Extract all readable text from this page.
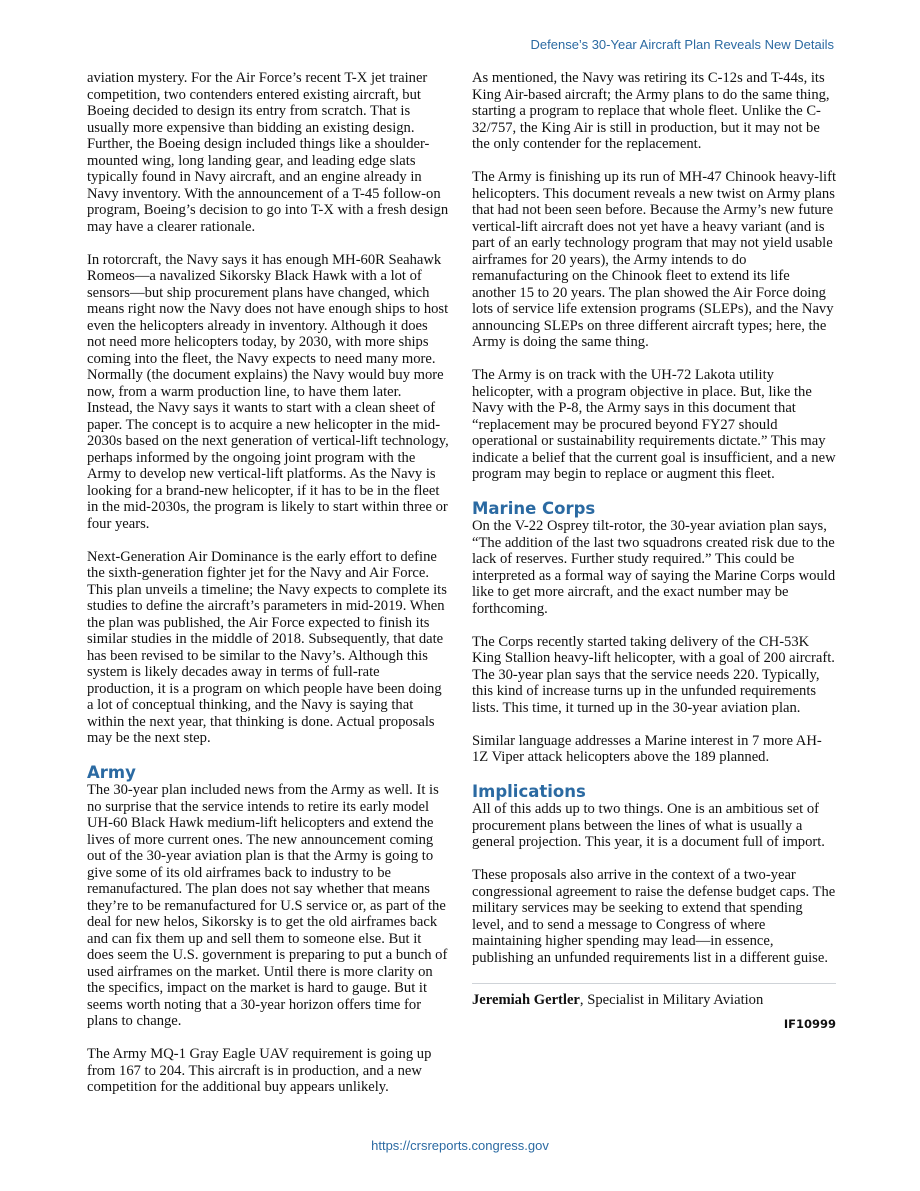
Defense’s 30-Year Aircraft Plan Reveals New Details

aviation mystery. For the Air Force’s recent T-X jet trainer competition, two contenders entered existing aircraft, but Boeing decided to design its entry from scratch. That is usually more expensive than bidding an existing design. Further, the Boeing design included things like a shoulder-mounted wing, long landing gear, and leading edge slats typically found in Navy aircraft, and an engine already in Navy inventory. With the announcement of a T-45 follow-on program, Boeing’s decision to go into T-X with a fresh design may have a clearer rationale.

In rotorcraft, the Navy says it has enough MH-60R Seahawk Romeos—a navalized Sikorsky Black Hawk with a lot of sensors—but ship procurement plans have changed, which means right now the Navy does not have enough ships to host even the helicopters already in inventory. Although it does not need more helicopters today, by 2030, with more ships coming into the fleet, the Navy expects to need many more. Normally (the document explains) the Navy would buy more now, from a warm production line, to have them later. Instead, the Navy says it wants to start with a clean sheet of paper. The concept is to acquire a new helicopter in the mid-2030s based on the next generation of vertical-lift technology, perhaps informed by the ongoing joint program with the Army to develop new vertical-lift platforms. As the Navy is looking for a brand-new helicopter, if it has to be in the fleet in the mid-2030s, the program is likely to start within three or four years.

Next-Generation Air Dominance is the early effort to define the sixth-generation fighter jet for the Navy and Air Force. This plan unveils a timeline; the Navy expects to complete its studies to define the aircraft’s parameters in mid-2019. When the plan was published, the Air Force expected to finish its similar studies in the middle of 2018. Subsequently, that date has been revised to be similar to the Navy’s. Although this system is likely decades away in terms of full-rate production, it is a program on which people have been doing a lot of conceptual thinking, and the Navy is saying that within the next year, that thinking is done. Actual proposals may be the next step.

Army

The 30-year plan included news from the Army as well. It is no surprise that the service intends to retire its early model UH-60 Black Hawk medium-lift helicopters and extend the lives of more current ones. The new announcement coming out of the 30-year aviation plan is that the Army is going to give some of its old airframes back to industry to be remanufactured. The plan does not say whether that means they’re to be remanufactured for U.S service or, as part of the deal for new helos, Sikorsky is to get the old airframes back and can fix them up and sell them to someone else. But it does seem the U.S. government is preparing to put a bunch of used airframes on the market. Until there is more clarity on the specifics, impact on the market is hard to gauge. But it seems worth noting that a 30-year horizon offers time for plans to change.

The Army MQ-1 Gray Eagle UAV requirement is going up from 167 to 204. This aircraft is in production, and a new competition for the additional buy appears unlikely.

As mentioned, the Navy was retiring its C-12s and T-44s, its King Air-based aircraft; the Army plans to do the same thing, starting a program to replace that whole fleet. Unlike the C-32/757, the King Air is still in production, but it may not be the only contender for the replacement.

The Army is finishing up its run of MH-47 Chinook heavy-lift helicopters. This document reveals a new twist on Army plans that had not been seen before. Because the Army’s new future vertical-lift aircraft does not yet have a heavy variant (and is part of an early technology program that may not yield usable airframes for 20 years), the Army intends to do remanufacturing on the Chinook fleet to extend its life another 15 to 20 years. The plan showed the Air Force doing lots of service life extension programs (SLEPs), and the Navy announcing SLEPs on three different aircraft types; here, the Army is doing the same thing.

The Army is on track with the UH-72 Lakota utility helicopter, with a program objective in place. But, like the Navy with the P-8, the Army says in this document that “replacement may be procured beyond FY27 should operational or sustainability requirements dictate.” This may indicate a belief that the current goal is insufficient, and a new program may begin to replace or augment this fleet.

Marine Corps

On the V-22 Osprey tilt-rotor, the 30-year aviation plan says, “The addition of the last two squadrons created risk due to the lack of reserves. Further study required.” This could be interpreted as a formal way of saying the Marine Corps would like to get more aircraft, and the exact number may be forthcoming.

The Corps recently started taking delivery of the CH-53K King Stallion heavy-lift helicopter, with a goal of 200 aircraft. The 30-year plan says that the service needs 220. Typically, this kind of increase turns up in the unfunded requirements lists. This time, it turned up in the 30-year aviation plan.

Similar language addresses a Marine interest in 7 more AH-1Z Viper attack helicopters above the 189 planned.

Implications

All of this adds up to two things. One is an ambitious set of procurement plans between the lines of what is usually a general projection. This year, it is a document full of import.

These proposals also arrive in the context of a two-year congressional agreement to raise the defense budget caps. The military services may be seeking to extend that spending level, and to send a message to Congress of where maintaining higher spending may lead—in essence, publishing an unfunded requirements list in a different guise.

Jeremiah Gertler, Specialist in Military Aviation
IF10999
https://crsreports.congress.gov
